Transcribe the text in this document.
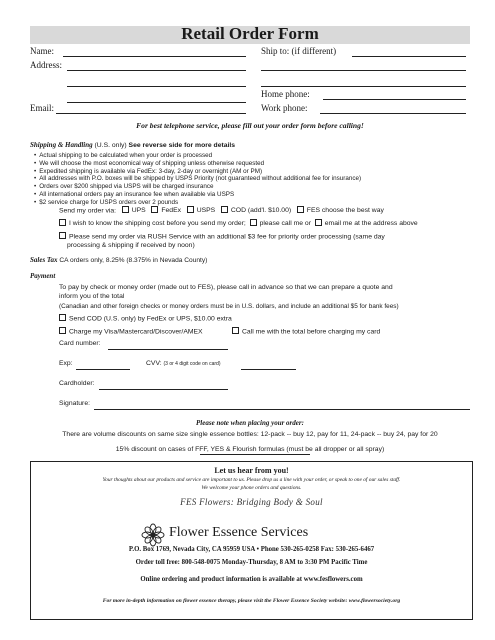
Retail Order Form
Name:
Address:
Email:
Ship to: (if different)
Home phone:
Work phone:
For best telephone service, please fill out your order form before calling!
Shipping & Handling (U.S. only) See reverse side for more details
• Actual shipping to be calculated when your order is processed
• We will choose the most economical way of shipping unless otherwise requested
• Expedited shipping is available via FedEx: 3-day, 2-day or overnight (AM or PM)
• All addresses with P.O. boxes will be shipped by USPS Priority (not guaranteed without additional fee for insurance)
• Orders over $200 shipped via USPS will be charged insurance
• All international orders pay an insurance fee when available via USPS
• $2 service charge for USPS orders over 2 pounds
Send my order via: UPS FedEx USPS COD (add'l. $10.00) FES choose the best way
I wish to know the shipping cost before you send my order; please call me or email me at the address above
Please send my order via RUSH Service with an additional $3 fee for priority order processing (same day
processing & shipping if received by noon)
Sales Tax CA orders only, 8.25% (8.375% in Nevada County)
Payment
To pay by check or money order (made out to FES), please call in advance so that we can prepare a quote and
inform you of the total
(Canadian and other foreign checks or money orders must be in U.S. dollars, and include an additional $5 for bank fees)
Send COD (U.S. only) by FedEx or UPS, $10.00 extra
Charge my Visa/Mastercard/Discover/AMEX	Call me with the total before charging my card
Card number:
Exp:	CVV: (3 or 4 digit code on card)
Cardholder:
Signature:
Please note when placing your order:
There are volume discounts on same size single essence bottles: 12-pack -- buy 12, pay for 11, 24-pack -- buy 24, pay for 20
15% discount on cases of FFF, YES & Flourish formulas (must be all dropper or all spray)
Let us hear from you!
Your thoughts about our products and service are important to us. Please drop us a line with your order, or speak to one of our sales staff.
We welcome your phone orders and questions.
FES Flowers: Bridging Body & Soul
Flower Essence Services
P.O. Box 1769, Nevada City, CA 95959 USA • Phone 530-265-0258 Fax: 530-265-6467
Order toll free: 800-548-0075 Monday-Thursday, 8 AM to 3:30 PM Pacific Time
Online ordering and product information is available at www.fesflowers.com
For more in-depth information on flower essence therapy, please visit the Flower Essence Society website: www.flowersociety.org
